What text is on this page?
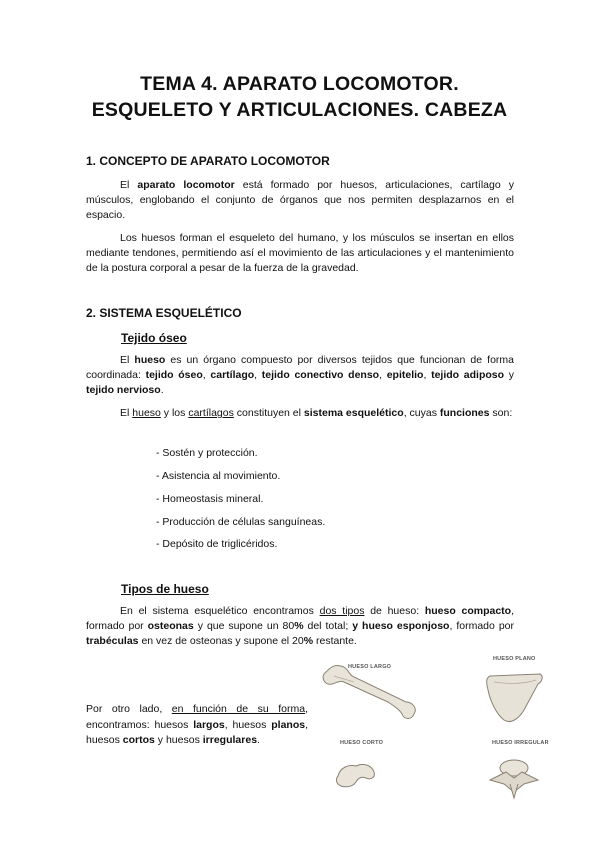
TEMA 4. APARATO LOCOMOTOR.
ESQUELETO Y ARTICULACIONES. CABEZA
1. CONCEPTO DE APARATO LOCOMOTOR

El aparato locomotor está formado por huesos, articulaciones, cartílago y músculos, englobando el conjunto de órganos que nos permiten desplazarnos en el espacio.

Los huesos forman el esqueleto del humano, y los músculos se insertan en ellos mediante tendones, permitiendo así el movimiento de las articulaciones y el mantenimiento de la postura corporal a pesar de la fuerza de la gravedad.

2. SISTEMA ESQUELÉTICO
Tejido óseo

El hueso es un órgano compuesto por diversos tejidos que funcionan de forma coordinada: tejido óseo, cartílago, tejido conectivo denso, epitelio, tejido adiposo y tejido nervioso.

El hueso y los cartílagos constituyen el sistema esquelético, cuyas funciones son:

- Sostén y protección.
- Asistencia al movimiento.
- Homeostasis mineral.
- Producción de células sanguíneas.
- Depósito de triglicéridos.
Tipos de hueso

En el sistema esquelético encontramos dos tipos de hueso: hueso compacto, formado por osteonas y que supone un 80% del total; y hueso esponjoso, formado por trabéculas en vez de osteonas y supone el 20% restante.

Por otro lado, en función de su forma, encontramos: huesos largos, huesos planos, huesos cortos y huesos irregulares.

HUESO LARGO
HUESO PLANO
HUESO CORTO	HUESO IRREGULAR
